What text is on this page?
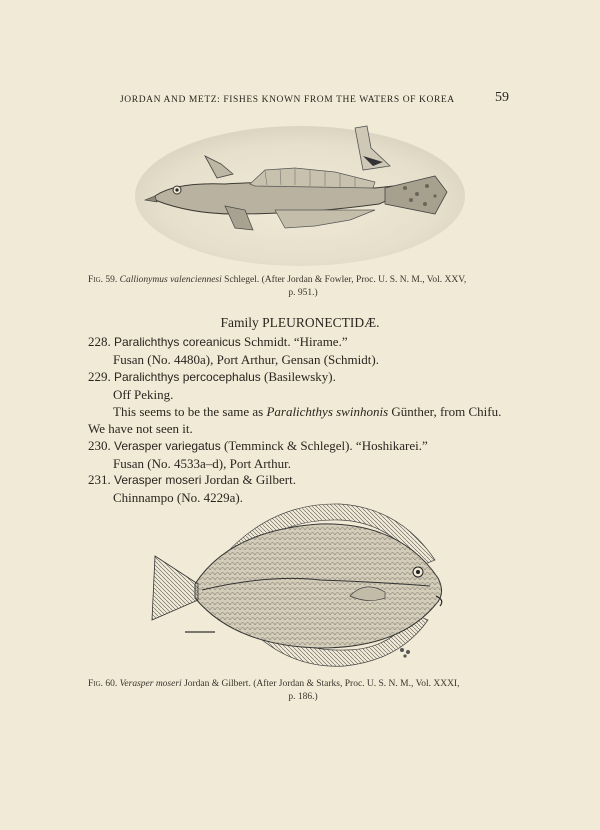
JORDAN AND METZ: FISHES KNOWN FROM THE WATERS OF KOREA	59
Fig. 59. Callionymus valenciennesi Schlegel. (After Jordan & Fowler, Proc. U. S. N. M., Vol. XXV,
p. 951.)
Family PLEURONECTIDÆ.
228. Paralichthys coreanicus Schmidt. “Hirame.”
Fusan (No. 4480a), Port Arthur, Gensan (Schmidt).
229. Paralichthys percocephalus (Basilewsky).
Off Peking.
This seems to be the same as Paralichthys swinhonis Günther, from Chifu.
We have not seen it.
230. Verasper variegatus (Temminck & Schlegel). “Hoshikarei.”
Fusan (No. 4533a–d), Port Arthur.
231. Verasper moseri Jordan & Gilbert.
Chinnampo (No. 4229a).
Fig. 60. Verasper moseri Jordan & Gilbert. (After Jordan & Starks, Proc. U. S. N. M., Vol. XXXI,
p. 186.)
